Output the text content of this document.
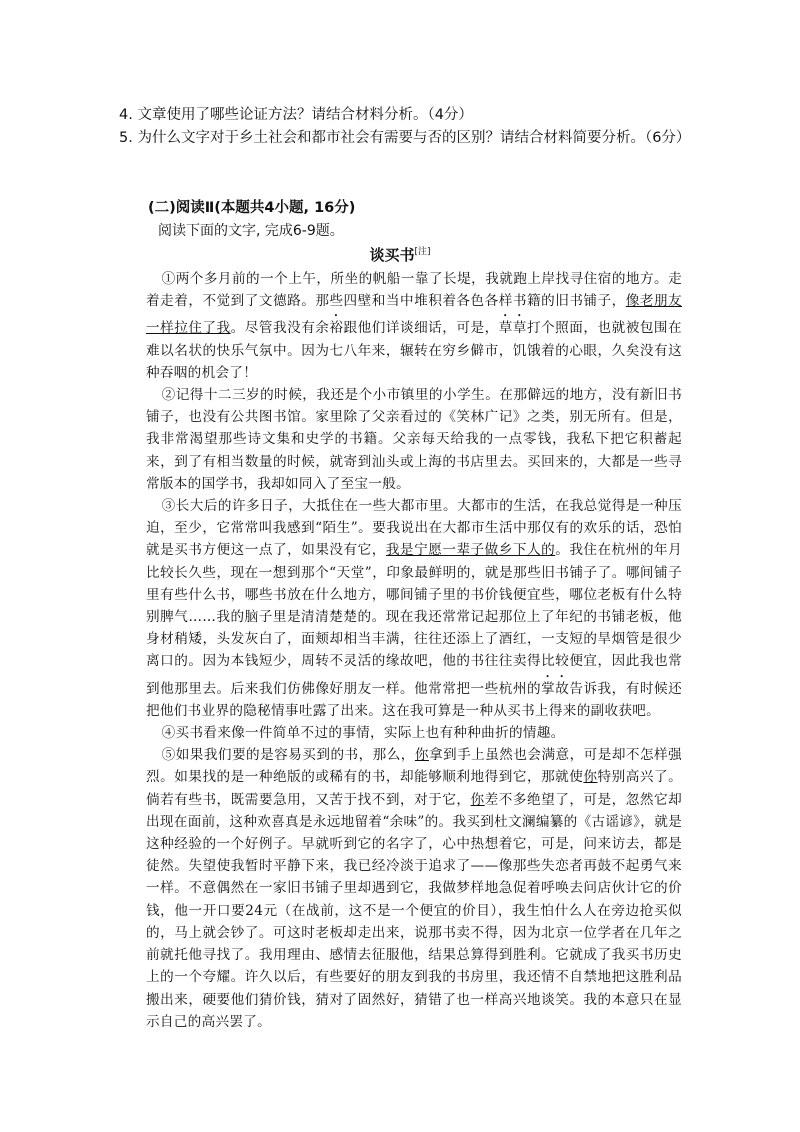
4. 文章使用了哪些论证方法？请结合材料分析。（4分）
5. 为什么文字对于乡土社会和都市社会有需要与否的区别？请结合材料简要分析。（6分）
(二)阅读Ⅱ(本题共4小题, 16分)
阅读下面的文字, 完成6-9题。
谈买书[注]

①两个多月前的一个上午，所坐的帆船一靠了长堤，我就跑上岸找寻住宿的地方。走着走着，不觉到了文德路。那些四壁和当中堆积着各色各样书籍的旧书铺子，像老朋友一样拉住了我。尽管我没有余裕跟他们详谈细话，可是，草草打个照面，也就被包围在难以名状的快乐气氛中。因为七八年来，辗转在穷乡僻市，饥饿着的心眼，久矣没有这种吞咽的机会了！

②记得十二三岁的时候，我还是个小市镇里的小学生。在那僻远的地方，没有新旧书铺子，也没有公共图书馆。家里除了父亲看过的《笑林广记》之类，别无所有。但是，我非常渴望那些诗文集和史学的书籍。父亲每天给我的一点零钱，我私下把它积蓄起来，到了有相当数量的时候，就寄到汕头或上海的书店里去。买回来的，大都是一些寻常版本的国学书，我却如同入了至宝一般。

③长大后的许多日子，大抵住在一些大都市里。大都市的生活，在我总觉得是一种压迫，至少，它常常叫我感到“陌生”。要我说出在大都市生活中那仅有的欢乐的话，恐怕就是买书方便这一点了，如果没有它，我是宁愿一辈子做乡下人的。我住在杭州的年月比较长久些，现在一想到那个“天堂”，印象最鲜明的，就是那些旧书铺子了。哪间铺子里有些什么书，哪些书放在什么地方，哪间铺子里的书价钱便宜些，哪位老板有什么特别脾气……我的脑子里是清清楚楚的。现在我还常常记起那位上了年纪的书铺老板，他身材稍矮，头发灰白了，面颊却相当丰满，往往还添上了酒红，一支短的旱烟管是很少离口的。因为本钱短少，周转不灵活的缘故吧，他的书往往卖得比较便宜，因此我也常到他那里去。后来我们仿佛像好朋友一样。他常常把一些杭州的掌故告诉我，有时候还把他们书业界的隐秘情事吐露了出来。这在我可算是一种从买书上得来的副收获吧。

④买书看来像一件简单不过的事情，实际上也有种种曲折的情趣。

⑤如果我们要的是容易买到的书，那么，你拿到手上虽然也会满意，可是却不怎样强烈。如果找的是一种绝版的或稀有的书，却能够顺利地得到它，那就使你特别高兴了。倘若有些书，既需要急用，又苦于找不到，对于它，你差不多绝望了，可是，忽然它却出现在面前，这种欢喜真是永远地留着“余味”的。我买到杜文澜编纂的《古谣谚》，就是这种经验的一个好例子。早就听到它的名字了，心中热想着它，可是，问来访去，都是徒然。失望使我暂时平静下来，我已经冷淡于追求了——像那些失恋者再鼓不起勇气来一样。不意偶然在一家旧书铺子里却遇到它，我做梦样地急促着呼唤去问店伙计它的价钱，他一开口要24元（在战前，这不是一个便宜的价目），我生怕什么人在旁边抢买似的，马上就会钞了。可这时老板却走出来，说那书卖不得，因为北京一位学者在几年之前就托他寻找了。我用理由、感情去征服他，结果总算得到胜利。它就成了我买书历史上的一个夸耀。许久以后，有些要好的朋友到我的书房里，我还情不自禁地把这胜利品搬出来，硬要他们猜价钱，猜对了固然好，猜错了也一样高兴地谈笑。我的本意只在显示自己的高兴罢了。
